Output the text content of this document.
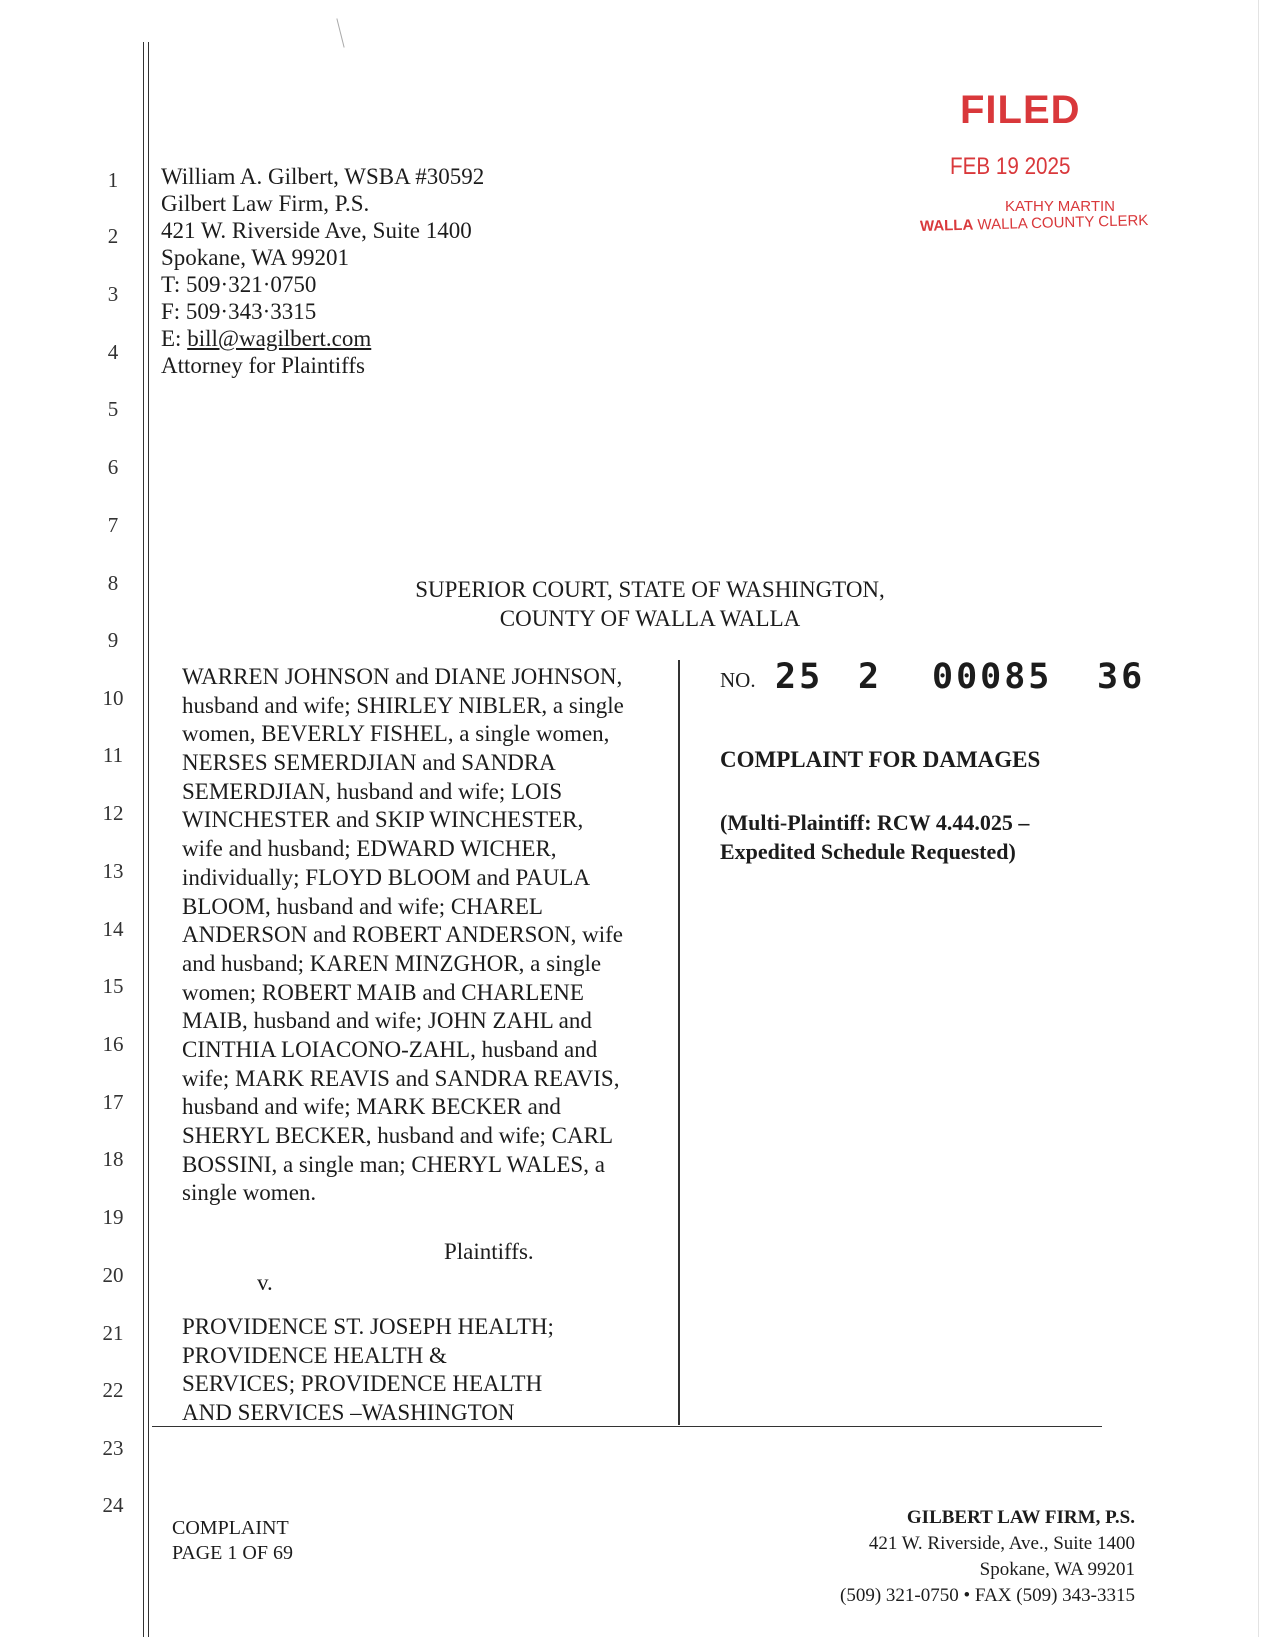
1
2
3
4
5
6
7
8
9
10
11
12
13
14
15
16
17
18
19
20
21
22
23
24
William A. Gilbert, WSBA #30592
Gilbert Law Firm, P.S.
421 W. Riverside Ave, Suite 1400
Spokane, WA 99201
T: 509·321·0750
F: 509·343·3315
E: bill@wagilbert.com
Attorney for Plaintiffs
FILED
FEB 19 2025
KATHY MARTIN
WALLA WALLA COUNTY CLERK
SUPERIOR COURT, STATE OF WASHINGTON,
COUNTY OF WALLA WALLA
WARREN JOHNSON and DIANE JOHNSON,
husband and wife; SHIRLEY NIBLER, a single
women, BEVERLY FISHEL, a single women,
NERSES SEMERDJIAN and SANDRA
SEMERDJIAN, husband and wife; LOIS
WINCHESTER and SKIP WINCHESTER,
wife and husband; EDWARD WICHER,
individually; FLOYD BLOOM and PAULA
BLOOM, husband and wife; CHAREL
ANDERSON and ROBERT ANDERSON, wife
and husband; KAREN MINZGHOR, a single
women; ROBERT MAIB and CHARLENE
MAIB, husband and wife; JOHN ZAHL and
CINTHIA LOIACONO-ZAHL, husband and
wife; MARK REAVIS and SANDRA REAVIS,
husband and wife; MARK BECKER and
SHERYL BECKER, husband and wife; CARL
BOSSINI, a single man; CHERYL WALES, a
single women.
Plaintiffs.
v.
PROVIDENCE ST. JOSEPH HEALTH;
PROVIDENCE HEALTH &
SERVICES; PROVIDENCE HEALTH
AND SERVICES –WASHINGTON
NO. 25 2 00085 36
COMPLAINT FOR DAMAGES
(Multi-Plaintiff: RCW 4.44.025 –
Expedited Schedule Requested)
COMPLAINT
PAGE 1 OF 69
GILBERT LAW FIRM, P.S.
421 W. Riverside, Ave., Suite 1400
Spokane, WA 99201
(509) 321-0750 • FAX (509) 343-3315
